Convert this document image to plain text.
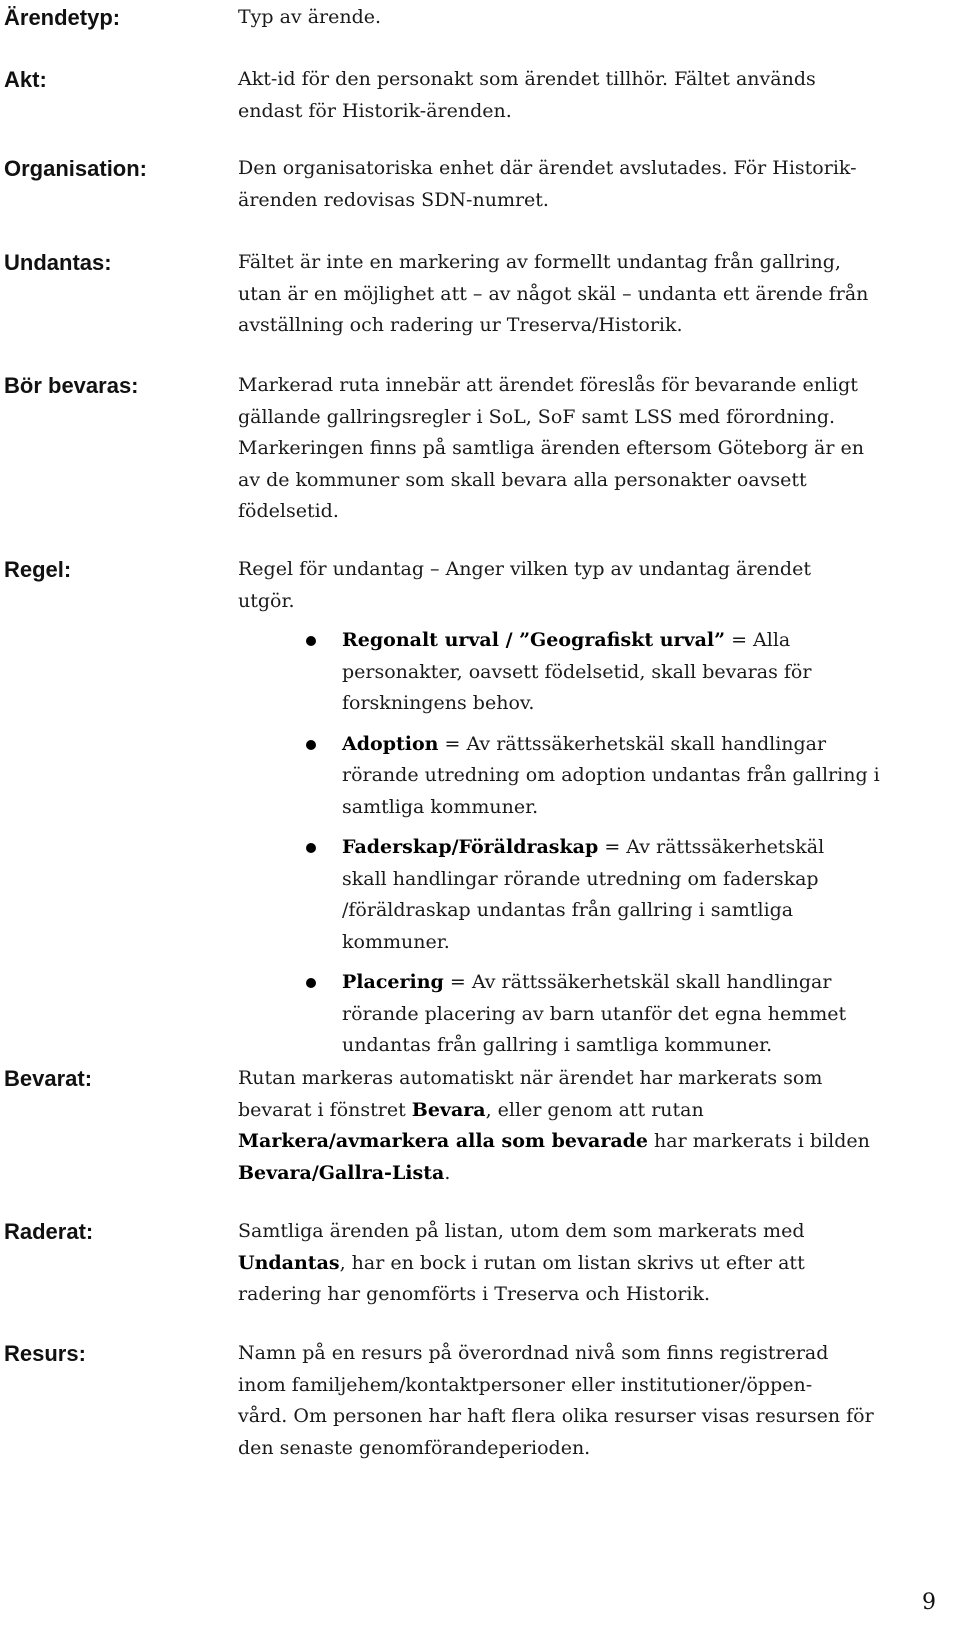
Ärendetyp:
Akt:
Organisation:
Undantas:
Bör bevaras:
Regel:
Bevarat:
Raderat:
Resurs:
Typ av ärende.
Akt-id för den personakt som ärendet tillhör. Fältet används
endast för Historik-ärenden.
Den organisatoriska enhet där ärendet avslutades. För Historik-
ärenden redovisas SDN-numret.
Fältet är inte en markering av formellt undantag från gallring,
utan är en möjlighet att – av något skäl – undanta ett ärende från
avställning och radering ur Treserva/Historik.
Markerad ruta innebär att ärendet föreslås för bevarande enligt
gällande gallringsregler i SoL, SoF samt LSS med förordning.
Markeringen finns på samtliga ärenden eftersom Göteborg är en
av de kommuner som skall bevara alla personakter oavsett
födelsetid.
Regel för undantag – Anger vilken typ av undantag ärendet
utgör.
Regonalt urval / ”Geografiskt urval” = Alla
personakter, oavsett födelsetid, skall bevaras för
forskningens behov.
Adoption = Av rättssäkerhetskäl skall handlingar
rörande utredning om adoption undantas från gallring i
samtliga kommuner.
Faderskap/Föräldraskap = Av rättssäkerhetskäl
skall handlingar rörande utredning om faderskap
/föräldraskap undantas från gallring i samtliga
kommuner.
Placering = Av rättssäkerhetskäl skall handlingar
rörande placering av barn utanför det egna hemmet
undantas från gallring i samtliga kommuner.
Rutan markeras automatiskt när ärendet har markerats som
bevarat i fönstret Bevara, eller genom att rutan
Markera/avmarkera alla som bevarade har markerats i bilden
Bevara/Gallra-Lista.
Samtliga ärenden på listan, utom dem som markerats med
Undantas, har en bock i rutan om listan skrivs ut efter att
radering har genomförts i Treserva och Historik.
Namn på en resurs på överordnad nivå som finns registrerad
inom familjehem/kontaktpersoner eller institutioner/öppen-
vård. Om personen har haft flera olika resurser visas resursen för
den senaste genomförandeperioden.
9
